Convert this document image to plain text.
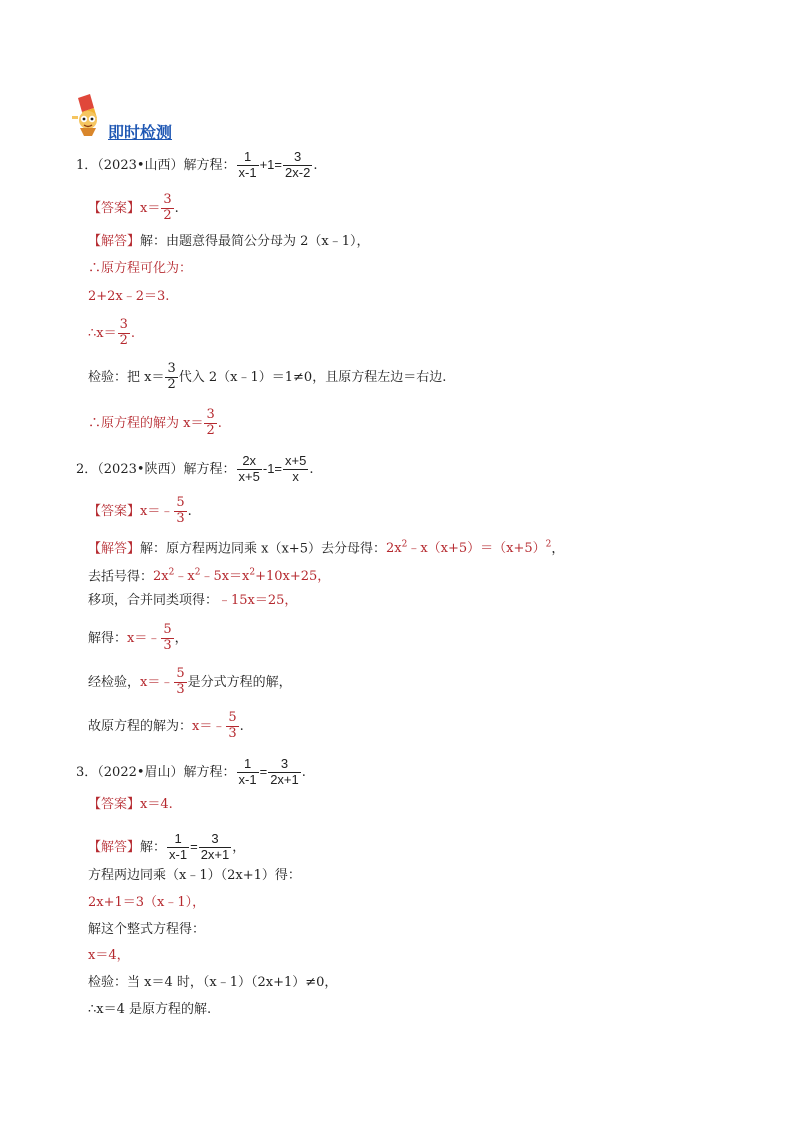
即时检测
1．（2023•山西）解方程： $\frac{1}{x-1} +1= \frac{3}{2x-2}$ .
【答案】$x= \frac{3}{2}$ .
【解答】解：由题意得最简公分母为 2（x﹣1），
∴原方程可化为：
2+2x﹣2＝3.
∴x＝ $\frac{3}{2}$ .
检验：把 $x= \frac{3}{2}$ 代入 2（x﹣1）＝1≠0，且原方程左边＝右边.
∴原方程的解为 $x= \frac{3}{2}$ .
2．（2023•陕西）解方程： $\frac{2x}{x+5} -1= \frac{x+5}{x}$ .
【答案】x＝﹣ $\frac{5}{3}$ .
【解答】解：原方程两边同乘 x（x+5）去分母得：$2x^2﹣x(x+5)=(x+5)^2$，
去括号得：$2x^2﹣x^2﹣5x=x^2+10x+25$，
移项，合并同类项得：﹣15x＝25，
解得：x＝﹣ $\frac{5}{3}$ ，
经检验，x＝﹣ $\frac{5}{3}$ 是分式方程的解，
故原方程的解为：x＝﹣ $\frac{5}{3}$ .
3．（2022•眉山）解方程： $\frac{1}{x-1} = \frac{3}{2x+1}$ .
【答案】x＝4.
【解答】解： $\frac{1}{x-1} = \frac{3}{2x+1}$ ，
方程两边同乘（x﹣1）（2x+1）得：
2x+1＝3（x﹣1），
解这个整式方程得：
x＝4，
检验：当 x＝4 时，（x﹣1）（2x+1）≠0，
∴x＝4 是原方程的解.
